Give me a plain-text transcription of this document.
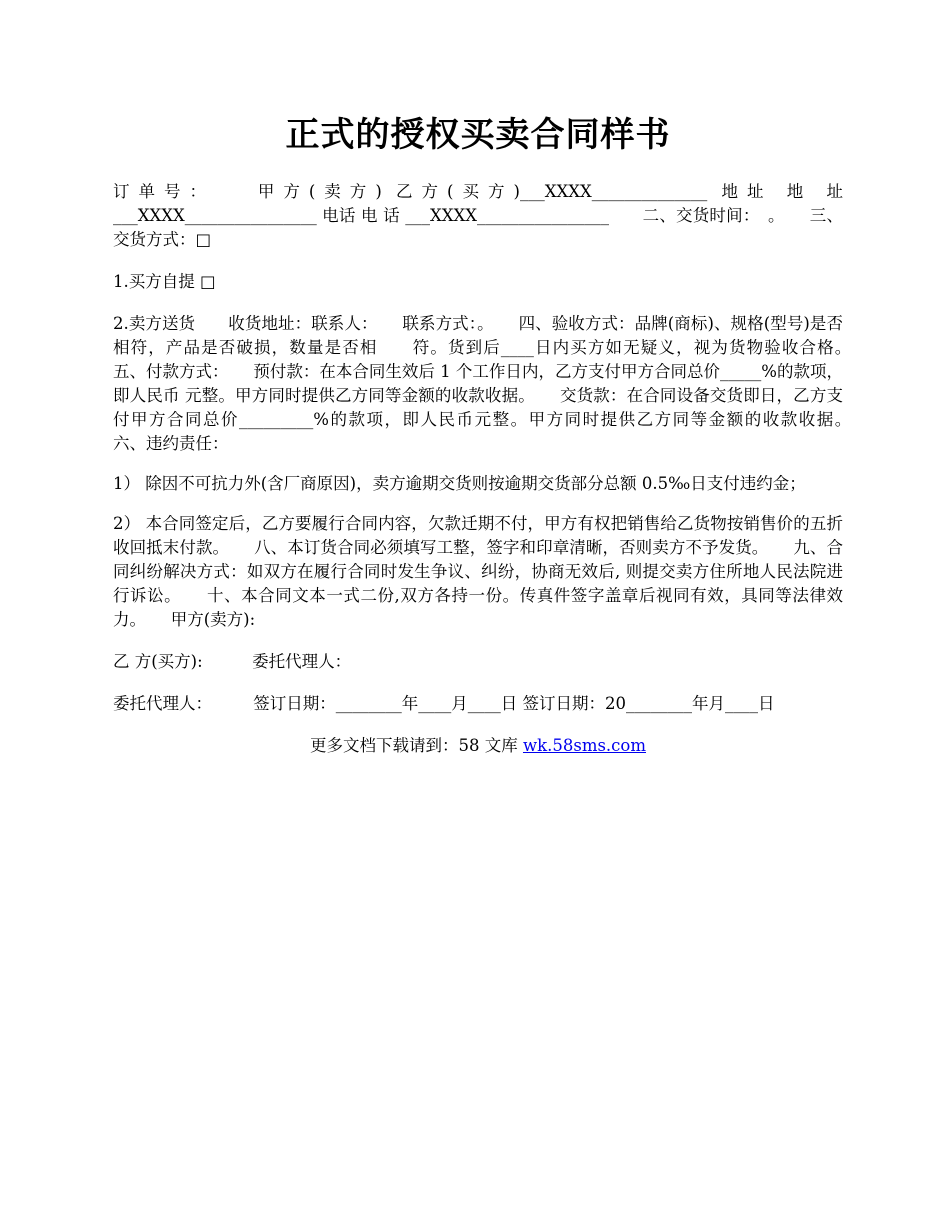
正式的授权买卖合同样书

订单号：　　甲方(卖方) 乙方(买方)___XXXX______________ 地址 地 址 ___XXXX________________ 电话 电 话 ___XXXX________________　　二、交货时间：　。　　三、交货方式：□

1.买方自提 □

2.卖方送货　　收货地址：联系人：　　联系方式：。　　四、验收方式：品牌(商标)、规格(型号)是否相符，产品是否破损，数量是否相　　符。货到后____日内买方如无疑义，视为货物验收合格。　　五、付款方式：　　预付款：在本合同生效后 1 个工作日内，乙方支付甲方合同总价_____%的款项，即人民币 元整。甲方同时提供乙方同等金额的收款收据。　　交货款：在合同设备交货即日，乙方支付甲方合同总价_________%的款项，即人民币元整。甲方同时提供乙方同等金额的收款收据。　　六、违约责任：

1） 除因不可抗力外(含厂商原因)，卖方逾期交货则按逾期交货部分总额 0.5‰日支付违约金；

2） 本合同签定后，乙方要履行合同内容，欠款迁期不付，甲方有权把销售给乙货物按销售价的五折收回抵末付款。　　八、本订货合同必须填写工整，签字和印章清晰，否则卖方不予发货。　　九、合同纠纷解决方式：如双方在履行合同时发生争议、纠纷，协商无效后, 则提交卖方住所地人民法院进行诉讼。　　十、本合同文本一式二份,双方各持一份。传真件签字盖章后视同有效，具同等法律效力。　　甲方(卖方):

乙 方(买方):　　　委托代理人：

委托代理人：　　　签订日期：________年____月____日 签订日期：20________年月____日

更多文档下载请到：58 文库 wk.58sms.com
